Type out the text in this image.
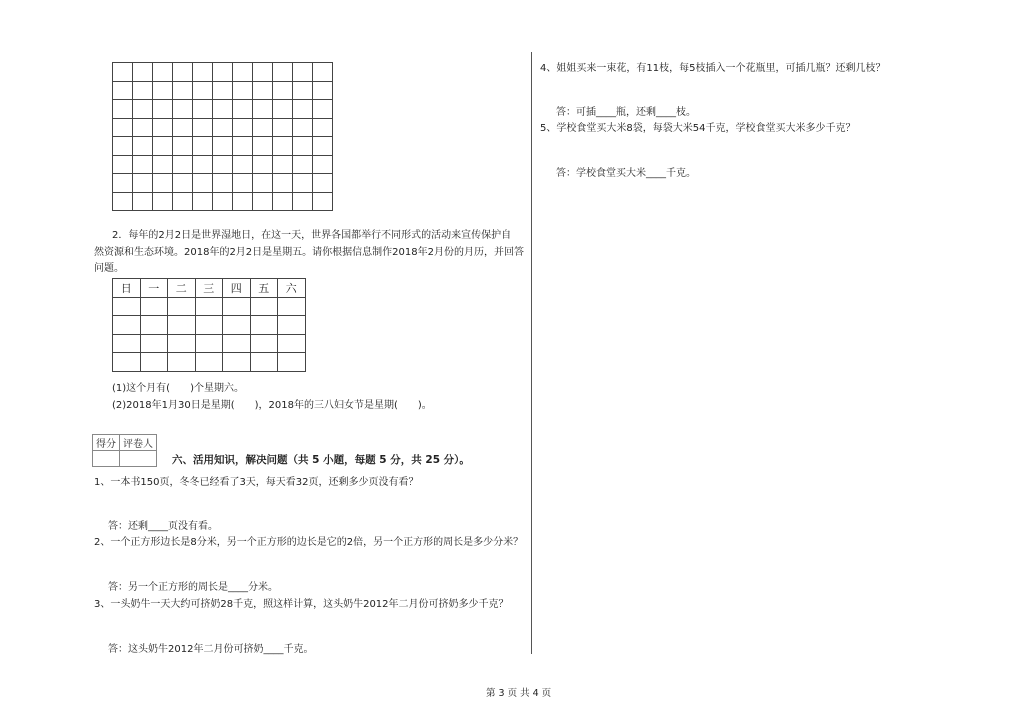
2．每年的2月2日是世界湿地日，在这一天，世界各国都举行不同形式的活动来宣传保护自
然资源和生态环境。2018年的2月2日是星期五。请你根据信息制作2018年2月份的月历，并回答
问题。
日	一	二	三	四	五	六

(1)这个月有(　　)个星期六。
(2)2018年1月30日是星期(　　)，2018年的三八妇女节是星期(　　)。
得分	评卷人

六、活用知识，解决问题（共 5 小题，每题 5 分，共 25 分）。
1、一本书150页，冬冬已经看了3天，每天看32页，还剩多少页没有看？
答：还剩____页没有看。
2、一个正方形边长是8分米，另一个正方形的边长是它的2倍，另一个正方形的周长是多少分米？
答：另一个正方形的周长是____分米。
3、一头奶牛一天大约可挤奶28千克，照这样计算，这头奶牛2012年二月份可挤奶多少千克？
答：这头奶牛2012年二月份可挤奶____千克。
4、姐姐买来一束花，有11枝，每5枝插入一个花瓶里，可插几瓶？还剩几枝？
答：可插____瓶，还剩____枝。
5、学校食堂买大米8袋，每袋大米54千克，学校食堂买大米多少千克？
答：学校食堂买大米____千克。
第 3 页 共 4 页
